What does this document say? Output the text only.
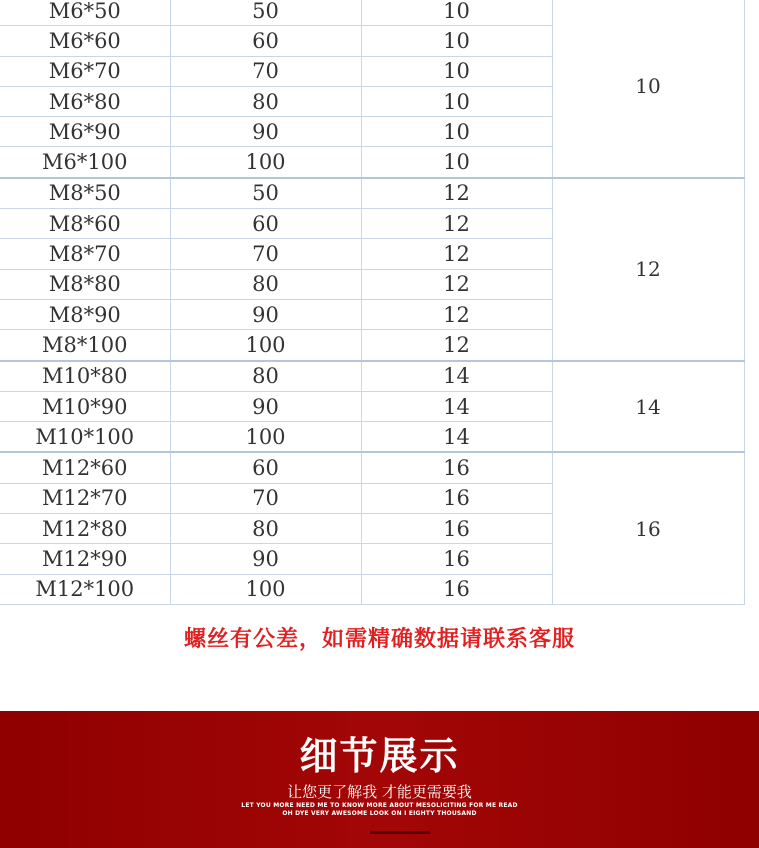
M6*50	50	10	10
M6*60	60	10	
M6*70	70	10	
M6*80	80	10	
M6*90	90	10	
M6*100	100	10	
M8*50	50	12	12
M8*60	60	12	
M8*70	70	12	
M8*80	80	12	
M8*90	90	12	
M8*100	100	12	
M10*80	80	14	14
M10*90	90	14	
M10*100	100	14	
M12*60	60	16	16
M12*70	70	16	
M12*80	80	16	
M12*90	90	16	
M12*100	100	16	
螺丝有公差，如需精确数据请联系客服
细节展示
让您更了解我 才能更需要我
LET YOU MORE NEED ME TO KNOW MORE ABOUT MESOLICITING FOR ME READ
OH DYE VERY AWESOME LOOK ON I EIGHTY THOUSAND
